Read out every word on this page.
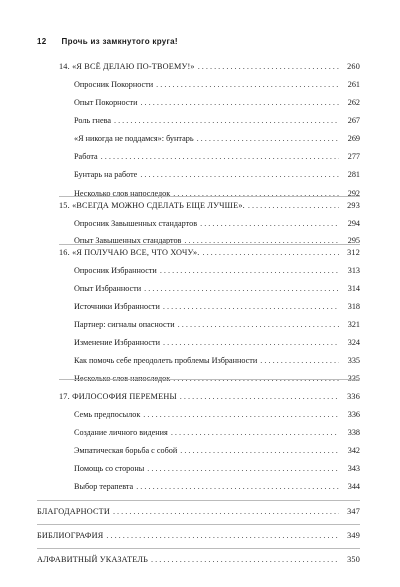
12 Прочь из замкнутого круга!
14. «Я ВСЁ ДЕЛАЮ ПО-ТВОЕМУ!» . . .	260
Опросник Покорности . . .	261
Опыт Покорности . . .	262
Роль гнева . . .	267
«Я никогда не поддамся»: бунтарь . . .	269
Работа . . .	277
Бунтарь на работе . . .	281
Несколько слов напоследок . . .	292
15. «ВСЕГДА МОЖНО СДЕЛАТЬ ЕЩЕ ЛУЧШЕ». . . .	293
Опросник Завышенных стандартов . . .	294
Опыт Завышенных стандартов . . .	295
16. «Я ПОЛУЧАЮ ВСЕ, ЧТО ХОЧУ». . . .	312
Опросник Избранности . . .	313
Опыт Избранности . . .	314
Источники Избранности . . .	318
Партнер: сигналы опасности . . .	321
Изменение Избранности . . .	324
Как помочь себе преодолеть проблемы Избранности . . .	335
Несколько слов напоследок . . .	335
17. ФИЛОСОФИЯ ПЕРЕМЕНЫ . . .	336
Семь предпосылок . . .	336
Создание личного видения . . .	338
Эмпатическая борьба с собой . . .	342
Помощь со стороны . . .	343
Выбор терапевта . . .	344
БЛАГОДАРНОСТИ . . .	347
БИБЛИОГРАФИЯ . . .	349
АЛФАВИТНЫЙ УКАЗАТЕЛЬ . . .	350
